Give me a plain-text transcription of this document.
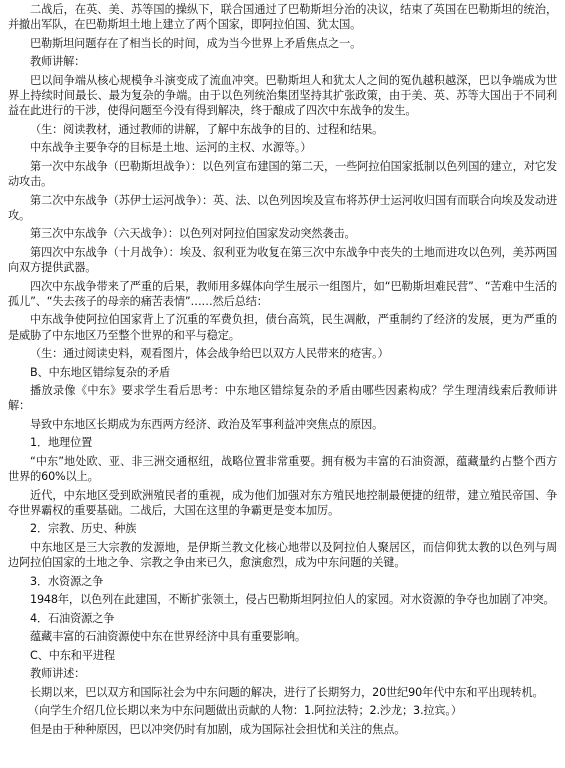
二战后，在英、美、苏等国的操纵下，联合国通过了巴勒斯坦分治的决议，结束了英国在巴勒斯坦的统治，并撤出军队，在巴勒斯坦土地上建立了两个国家，即阿拉伯国、犹太国。

巴勒斯坦问题存在了相当长的时间，成为当今世界上矛盾焦点之一。

教师讲解：

巴以间争端从核心规模争斗演变成了流血冲突。巴勒斯坦人和犹太人之间的冤仇越积越深，巴以争端成为世界上持续时间最长、最为复杂的争端。由于以色列统治集团坚持其扩张政策，由于美、英、苏等大国出于不同利益在此进行的干涉，使得问题至今没有得到解决，终于酿成了四次中东战争的发生。

（生：阅读教材，通过教师的讲解，了解中东战争的目的、过程和结果。

中东战争主要争夺的目标是土地、运河的主权、水源等。）

第一次中东战争（巴勒斯坦战争）：以色列宣布建国的第二天，一些阿拉伯国家抵制以色列国的建立，对它发动攻击。

第二次中东战争（苏伊士运河战争）：英、法、以色列因埃及宣布将苏伊士运河收归国有而联合向埃及发动进攻。

第三次中东战争（六天战争）：以色列对阿拉伯国家发动突然袭击。

第四次中东战争（十月战争）：埃及、叙利亚为收复在第三次中东战争中丧失的土地而进攻以色列，美苏两国向双方提供武器。

四次中东战争带来了严重的后果，教师用多媒体向学生展示一组图片，如“巴勒斯坦难民营”、“苦难中生活的孤儿”、“失去孩子的母亲的痛苦表情”……然后总结：

中东战争使阿拉伯国家背上了沉重的军费负担，债台高筑，民生凋敝，严重制约了经济的发展，更为严重的是威胁了中东地区乃至整个世界的和平与稳定。

（生：通过阅读史料，观看图片，体会战争给巴以双方人民带来的疮害。）

B、中东地区错综复杂的矛盾

播放录像《中东》要求学生看后思考：中东地区错综复杂的矛盾由哪些因素构成？学生理清线索后教师讲解：

导致中东地区长期成为东西两方经济、政治及军事利益冲突焦点的原因。

1．地理位置

“中东”地处欧、亚、非三洲交通枢纽，战略位置非常重要。拥有极为丰富的石油资源，蕴藏量约占整个西方世界的60%以上。

近代，中东地区受到欧洲殖民者的重视，成为他们加强对东方殖民地控制最便捷的纽带，建立殖民帝国、争夺世界霸权的重要基础。二战后，大国在这里的争霸更是变本加厉。

2．宗教、历史、种族

中东地区是三大宗教的发源地，是伊斯兰教文化核心地带以及阿拉伯人聚居区，而信仰犹太教的以色列与周边阿拉伯国家的土地之争、宗教之争由来已久，愈演愈烈，成为中东问题的关键。

3．水资源之争

1948年，以色列在此建国，不断扩张领土，侵占巴勒斯坦阿拉伯人的家园。对水资源的争夺也加剧了冲突。

4．石油资源之争

蕴藏丰富的石油资源使中东在世界经济中具有重要影响。

C、中东和平进程

教师讲述：

长期以来，巴以双方和国际社会为中东问题的解决，进行了长期努力，20世纪90年代中东和平出现转机。

（向学生介绍几位长期以来为中东问题做出贡献的人物：1.阿拉法特；2.沙龙；3.拉宾。）

但是由于种种原因，巴以冲突仍时有加剧，成为国际社会担忧和关注的焦点。
